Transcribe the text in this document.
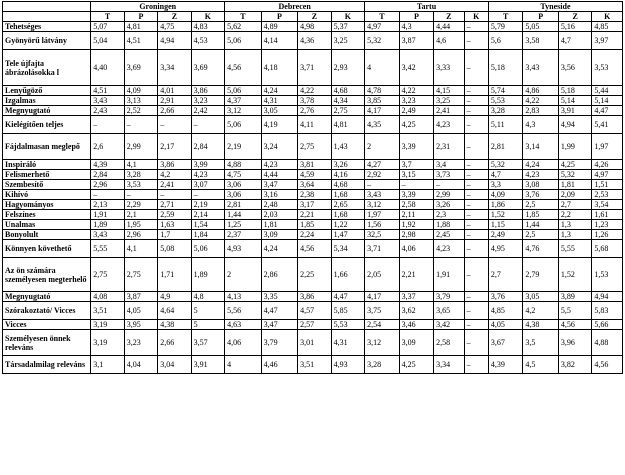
	Groningen				Debrecen				Tartu				Tyneside			
	T	P	Z	K	T	P	Z	K	T	P	Z	K	T	P	Z	K
Tehetséges	5,07	4,81	4,75	4,83	5,62	4,89	4,98	5,37	4,97	4,3	4,44	–	5,79	5,05	5,16	4,85
Gyönyörű látvány	5,04	4,51	4,94	4,53	5,06	4,14	4,36	3,25	5,32	3,87	4,6	–	5,6	3,58	4,7	3,97
Tele újfajta ábrázolásokka l	4,40	3,69	3,34	3,69	4,56	4,18	3,71	2,93	4	3,42	3,33	–	5,18	3,43	3,56	3,53
Lenyűgöző	4,51	4,09	4,01	3,86	5,06	4,24	4,22	4,68	4,78	4,22	4,15	–	5,74	4,86	5,18	5,44
Izgalmas	3,43	3,13	2,91	3,23	4,37	4,31	3,78	4,34	3,85	3,23	3,25	–	5,53	4,22	5,14	5,14
Megnyugtató	2,43	2,52	2,66	2,42	3,12	3,05	2,76	2,75	4,17	2,49	2,41	–	3,28	2,83	3,91	4,47
Kielégítően teljes	–	–	–	–	5,06	4,19	4,11	4,81	4,35	4,25	4,23	–	5,11	4,3	4,94	5,41
Fájdalmasan meglepő	2,6	2,99	2,17	2,84	2,19	3,24	2,75	1,43	2	3,39	2,31	–	2,81	3,14	1,99	1,97
Inspiráló	4,39	4,1	3,86	3,99	4,88	4,23	3,81	3,26	4,27	3,7	3,4	–	5,32	4,24	4,25	4,26
Felismerhető	2,84	3,28	4,2	4,23	4,75	4,44	4,59	4,16	2,92	3,15	3,73	–	4,7	4,23	5,32	4,97
Szembesítő	2,96	3,53	2,41	3,07	3,06	3,47	3,64	4,68	–	–	–	–	3,3	3,08	1,81	1,51
Kihívó	–	–	–	–	3,06	3,16	2,38	1,68	3,43	3,39	2,99	–	4,09	3,76	2,09	2,53
Hagyományos	2,13	2,29	2,71	2,19	2,81	2,48	3,17	2,65	3,12	2,58	3,26	–	1,86	2,5	2,7	3,54
Felszínes	1,91	2,1	2,59	2,14	1,44	2,03	2,21	1,68	1,97	2,11	2,3	–	1,52	1,85	2,2	1,61
Unalmas	1,89	1,95	1,63	1,54	1,25	1,81	1,85	1,22	1,56	1,92	1,88	–	1,15	1,44	1,3	1,23
Bonyolult	3,43	2,96	1,7	1,84	2,37	3,09	2,24	1,47	32,5	2,98	2,45	–	2,49	2,5	1,3	1,26
Könnyen követhető	5,55	4,1	5,08	5,06	4,93	4,24	4,56	5,34	3,71	4,06	4,23	–	4,95	4,76	5,55	5,68
Az ön számára személyesen megterhelő	2,75	2,75	1,71	1,89	2	2,86	2,25	1,66	2,05	2,21	1,91	–	2,7	2,79	1,52	1,53
Megnyugtató	4,08	3,87	4,9	4,8	4,13	3,35	3,86	4,47	4,17	3,37	3,79	–	3,76	3,05	3,89	4,94
Szórakoztató/ Vicces	3,51	4,05	4,64	5	5,56	4,47	4,57	5,85	3,75	3,62	3,65	–	4,85	4,2	5,5	5,83
Vicces	3,19	3,95	4,38	5	4,63	3,47	2,57	5,53	2,54	3,46	3,42	–	4,05	4,38	4,56	5,66
Személyesen önnek releváns	3,19	3,23	2,66	3,57	4,06	3,79	3,01	4,31	3,12	3,09	2,58	–	3,67	3,5	3,96	4,88
Társadalmilag releváns	3,1	4,04	3,04	3,91	4	4,46	3,51	4,93	3,28	4,25	3,34	–	4,39	4,5	3,82	4,56
